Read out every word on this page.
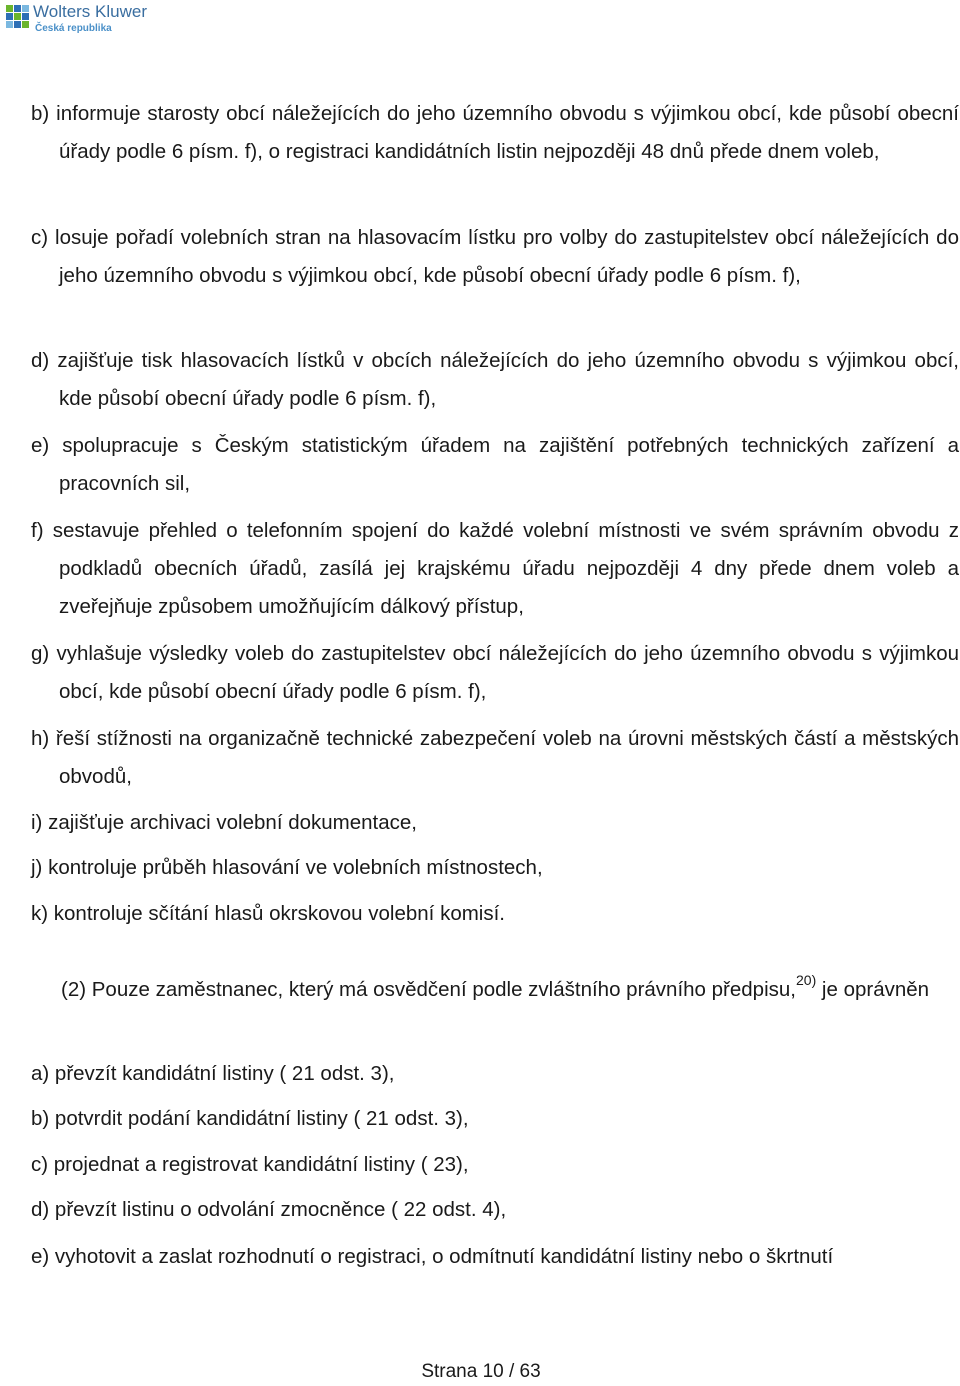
Wolters Kluwer
Česká republika
b) informuje starosty obcí náležejících do jeho územního obvodu s výjimkou obcí, kde působí obecní úřady podle 6 písm. f), o registraci kandidátních listin nejpozději 48 dnů přede dnem voleb,
c) losuje pořadí volebních stran na hlasovacím lístku pro volby do zastupitelstev obcí náležejících do jeho územního obvodu s výjimkou obcí, kde působí obecní úřady podle 6 písm. f),
d) zajišťuje tisk hlasovacích lístků v obcích náležejících do jeho územního obvodu s výjimkou obcí, kde působí obecní úřady podle 6 písm. f),
e) spolupracuje s Českým statistickým úřadem na zajištění potřebných technických zařízení a pracovních sil,
f) sestavuje přehled o telefonním spojení do každé volební místnosti ve svém správním obvodu z podkladů obecních úřadů, zasílá jej krajskému úřadu nejpozději 4 dny přede dnem voleb a zveřejňuje způsobem umožňujícím dálkový přístup,
g) vyhlašuje výsledky voleb do zastupitelstev obcí náležejících do jeho územního obvodu s výjimkou obcí, kde působí obecní úřady podle 6 písm. f),
h) řeší stížnosti na organizačně technické zabezpečení voleb na úrovni městských částí a městských obvodů,
i) zajišťuje archivaci volební dokumentace,
j) kontroluje průběh hlasování ve volebních místnostech,
k) kontroluje sčítání hlasů okrskovou volební komisí.
(2) Pouze zaměstnanec, který má osvědčení podle zvláštního právního předpisu,$^{20)}$ je oprávněn
a) převzít kandidátní listiny ( 21 odst. 3),
b) potvrdit podání kandidátní listiny ( 21 odst. 3),
c) projednat a registrovat kandidátní listiny ( 23),
d) převzít listinu o odvolání zmocněnce ( 22 odst. 4),
e) vyhotovit a zaslat rozhodnutí o registraci, o odmítnutí kandidátní listiny nebo o škrtnutí
Strana 10 / 63
